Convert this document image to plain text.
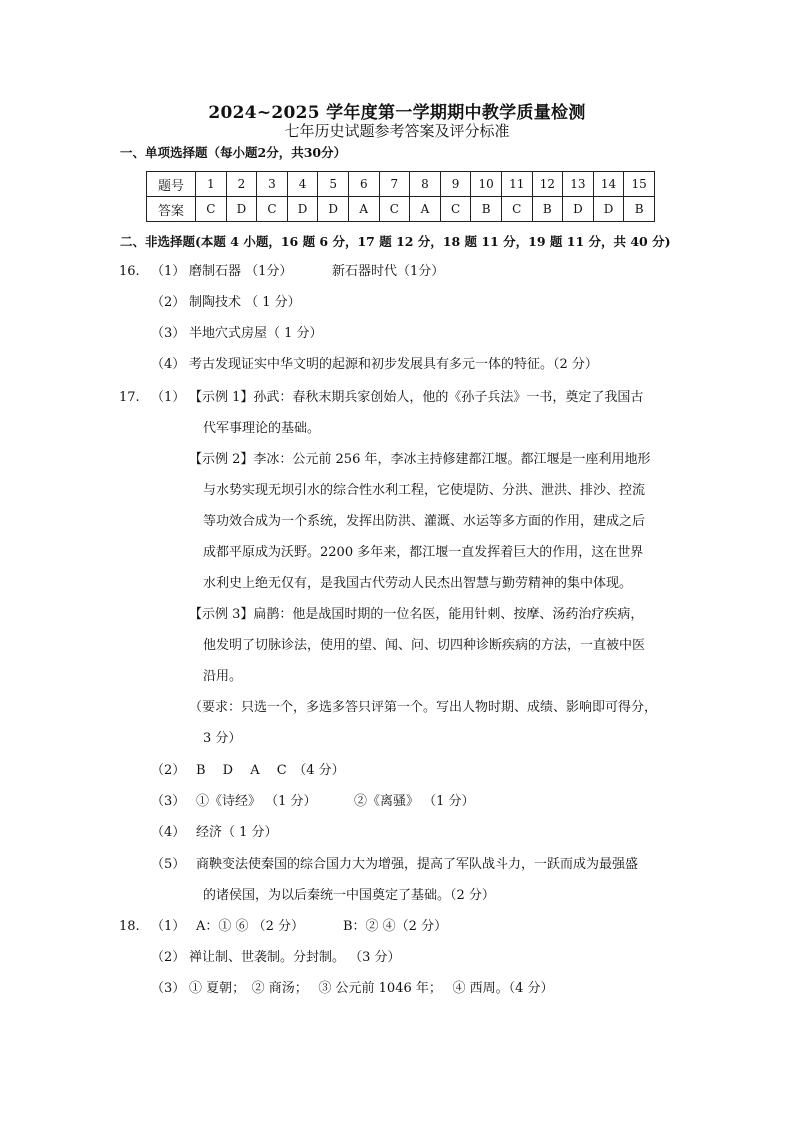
2024~2025 学年度第一学期期中教学质量检测
七年历史试题参考答案及评分标准
一、单项选择题（每小题2分，共30分）
题号	1	2	3	4	5	6	7	8	9	10	11	12	13	14	15
答案	C	D	C	D	D	A	C	A	C	B	C	B	D	D	B
二、非选择题(本题 4 小题，16 题 6 分，17 题 12 分，18 题 11 分，19 题 11 分，共 40 分)
16. （1） 磨制石器 （1分）	新石器时代（1分）
（2） 制陶技术 （ 1 分）
（3） 半地穴式房屋（ 1 分）
（4） 考古发现证实中华文明的起源和初步发展具有多元一体的特征。（2 分）
17. （1） 【示例 1】孙武：春秋末期兵家创始人，他的《孙子兵法》一书，奠定了我国古
代军事理论的基础。
【示例 2】李冰：公元前 256 年，李冰主持修建都江堰。都江堰是一座利用地形
与水势实现无坝引水的综合性水利工程，它使堤防、分洪、泄洪、排沙、控流
等功效合成为一个系统，发挥出防洪、灌溉、水运等多方面的作用，建成之后
成都平原成为沃野。2200 多年来，都江堰一直发挥着巨大的作用，这在世界
水利史上绝无仅有，是我国古代劳动人民杰出智慧与勤劳精神的集中体现。
【示例 3】扁鹊：他是战国时期的一位名医，能用针刺、按摩、汤药治疗疾病，
他发明了切脉诊法，使用的望、闻、问、切四种诊断疾病的方法，一直被中医
沿用。
（要求：只选一个，多选多答只评第一个。写出人物时期、成绩、影响即可得分，
3 分）
（2） B　 D　 A　 C　（4 分）
（3） ①《诗经》 （1 分）	②《离骚》 （1 分）
（4） 经济（ 1 分）
（5） 商鞅变法使秦国的综合国力大为增强，提高了军队战斗力，一跃而成为最强盛
的诸侯国，为以后秦统一中国奠定了基础。（2 分）
18. （1） A：① ⑥ （2 分）	B：② ④（2 分）
（2） 禅让制、世袭制。分封制。 （3 分）
（3） ① 夏朝；　② 商汤；　 ③ 公元前 1046 年；　 ④ 西周。（4 分）
